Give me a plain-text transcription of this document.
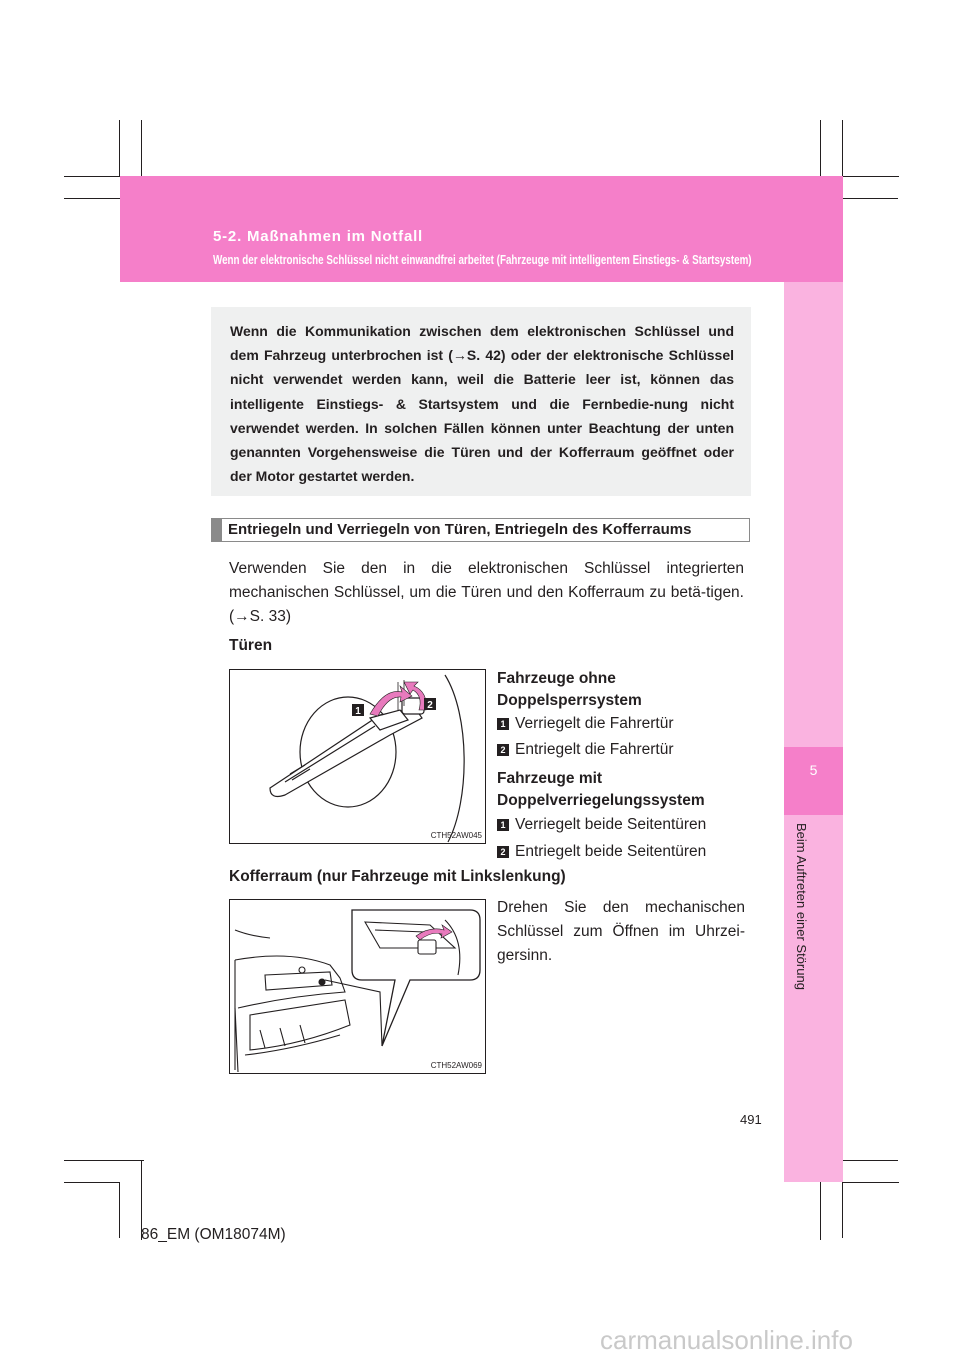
5-2. Maßnahmen im Notfall
Wenn der elektronische Schlüssel nicht einwandfrei arbeitet (Fahrzeuge mit intelligentem Einstiegs- & Startsystem)
5
Beim Auftreten einer Störung

Wenn die Kommunikation zwischen dem elektronischen Schlüssel und dem Fahrzeug unterbrochen ist (→S. 42) oder der elektronische Schlüssel nicht verwendet werden kann, weil die Batterie leer ist, können das intelligente Einstiegs- & Startsystem und die Fernbedie-nung nicht verwendet werden. In solchen Fällen können unter Beachtung der unten genannten Vorgehensweise die Türen und der Kofferraum geöffnet oder der Motor gestartet werden.

Entriegeln und Verriegeln von Türen, Entriegeln des Kofferraums

Verwenden Sie den in die elektronischen Schlüssel integrierten mechanischen Schlüssel, um die Türen und den Kofferraum zu betä-tigen. (→S. 33)

Türen
1
2
CTH52AW045
Fahrzeuge ohne
Doppelsperrsystem
1 Verriegelt die Fahrertür
2 Entriegelt die Fahrertür
Fahrzeuge mit
Doppelverriegelungssystem
1 Verriegelt beide Seitentüren
2 Entriegelt beide Seitentüren
Kofferraum (nur Fahrzeuge mit Linkslenkung)
CTH52AW069

Drehen Sie den mechanischen Schlüssel zum Öffnen im Uhrzei-gersinn.

491
86_EM (OM18074M)
carmanualsonline.info
